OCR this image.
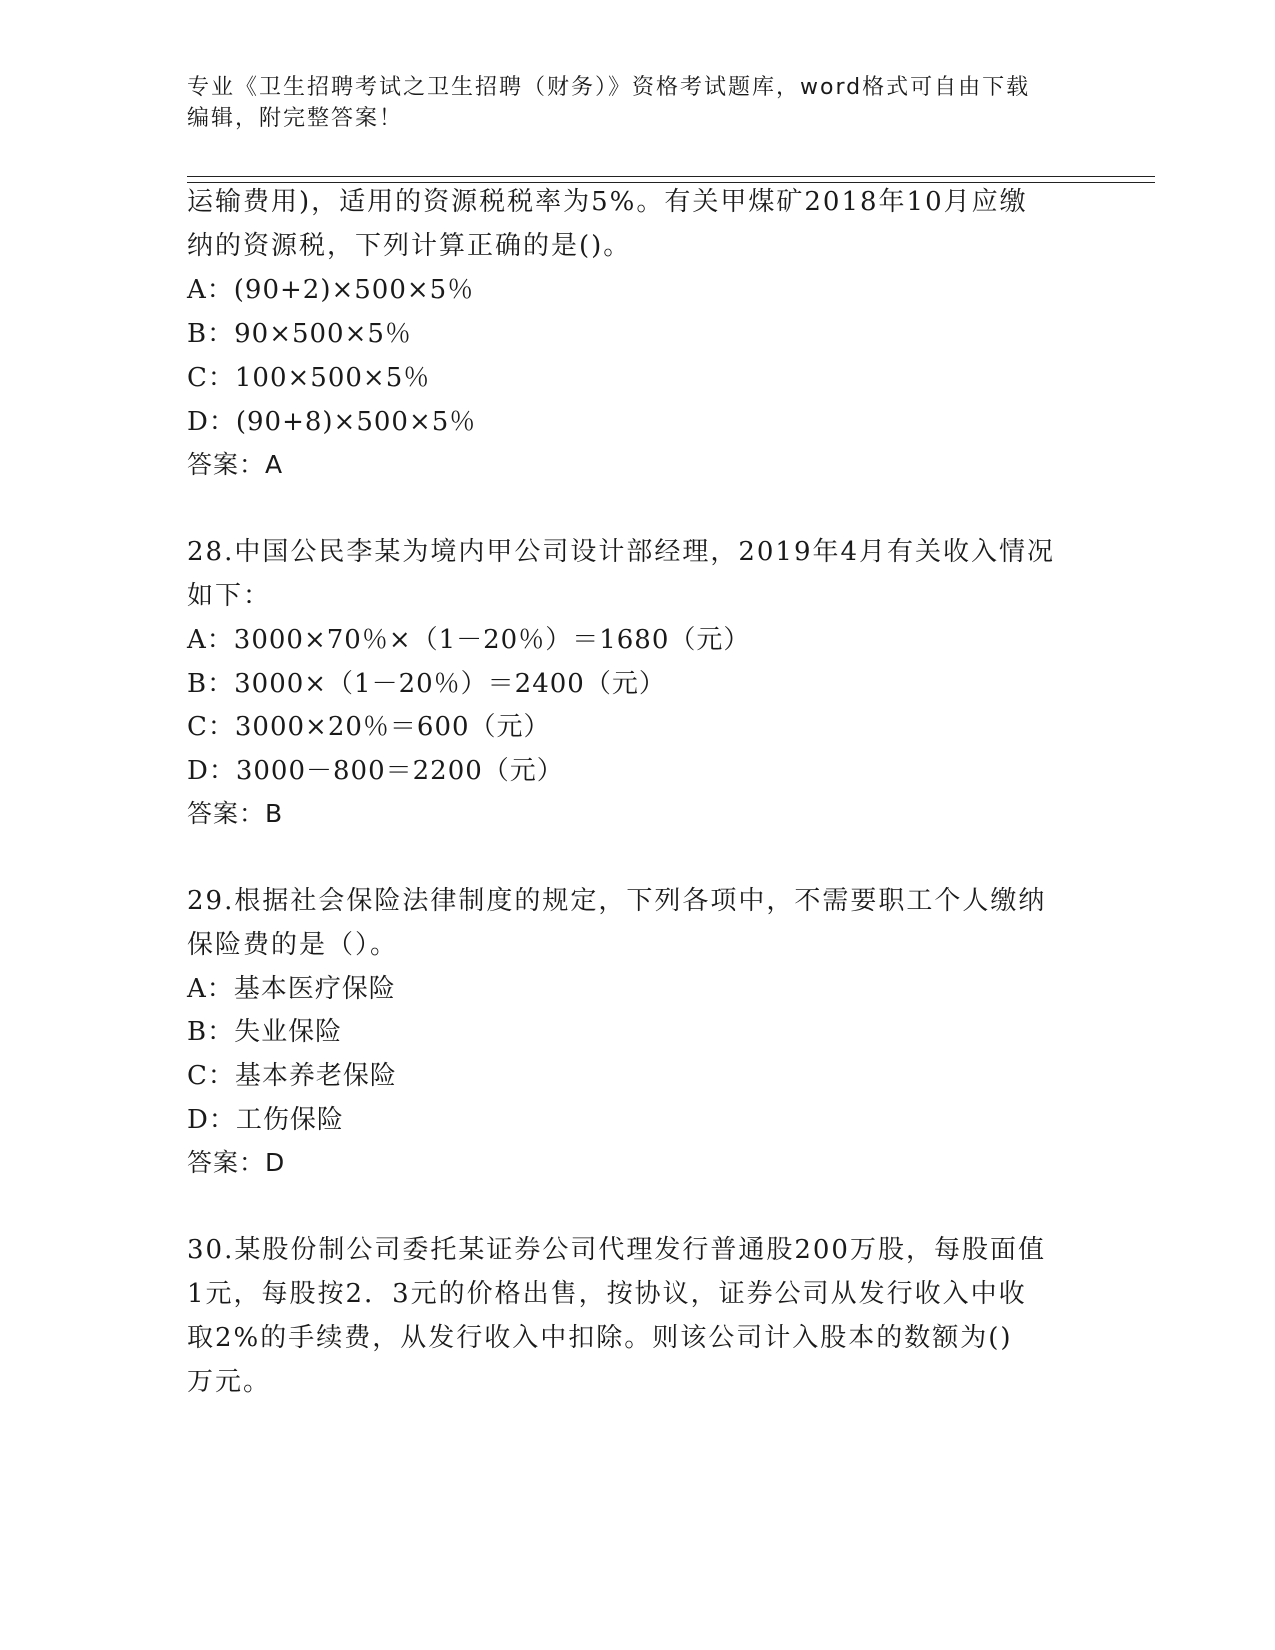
专业《卫生招聘考试之卫生招聘（财务）》资格考试题库，word格式可自由下载
编辑，附完整答案！
运输费用)，适用的资源税税率为5%。有关甲煤矿2018年10月应缴
纳的资源税，下列计算正确的是()。
A：(90+2)×500×5％
B：90×500×5％
C：100×500×5％
D：(90+8)×500×5％
答案：A
28.中国公民李某为境内甲公司设计部经理，2019年4月有关收入情况
如下：
A：3000×70％×（1－20％）＝1680（元）
B：3000×（1－20％）＝2400（元）
C：3000×20％＝600（元）
D：3000－800＝2200（元）
答案：B
29.根据社会保险法律制度的规定，下列各项中，不需要职工个人缴纳
保险费的是（）。
A：基本医疗保险
B：失业保险
C：基本养老保险
D：工伤保险
答案：D
30.某股份制公司委托某证券公司代理发行普通股200万股，每股面值
1元，每股按2．3元的价格出售，按协议，证券公司从发行收入中收
取2%的手续费，从发行收入中扣除。则该公司计入股本的数额为()
万元。
